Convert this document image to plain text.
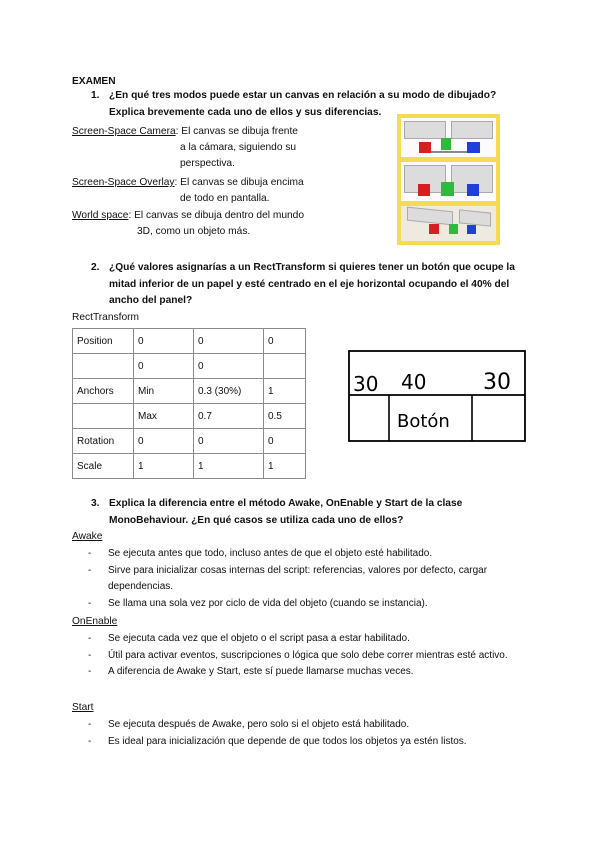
EXAMEN
1. ¿En qué tres modos puede estar un canvas en relación a su modo de dibujado?
Explica brevemente cada uno de ellos y sus diferencias.
Screen-Space Camera: El canvas se dibuja frente
a la cámara, siguiendo su
perspectiva.
Screen-Space Overlay: El canvas se dibuja encima
de todo en pantalla.
World space: El canvas se dibuja dentro del mundo
3D, como un objeto más.
2. ¿Qué valores asignarías a un RectTransform si quieres tener un botón que ocupe la
mitad inferior de un papel y esté centrado en el eje horizontal ocupando el 40% del
ancho del panel?
RectTransform
Position	0	0	0
	0	0	
Anchors	Min	0.3 (30%)	1
	Max	0.7	0.5
Rotation	0	0	0
Scale	1	1	1
30 40	30
Botón
3. Explica la diferencia entre el método Awake, OnEnable y Start de la clase
MonoBehaviour. ¿En qué casos se utiliza cada uno de ellos?
Awake
- Se ejecuta antes que todo, incluso antes de que el objeto esté habilitado.
- Sirve para inicializar cosas internas del script: referencias, valores por defecto, cargar dependencias.
- Se llama una sola vez por ciclo de vida del objeto (cuando se instancia).
OnEnable
- Se ejecuta cada vez que el objeto o el script pasa a estar habilitado.
- Útil para activar eventos, suscripciones o lógica que solo debe correr mientras esté activo.
- A diferencia de Awake y Start, este sí puede llamarse muchas veces.
Start
- Se ejecuta después de Awake, pero solo si el objeto está habilitado.
- Es ideal para inicialización que depende de que todos los objetos ya estén listos.
